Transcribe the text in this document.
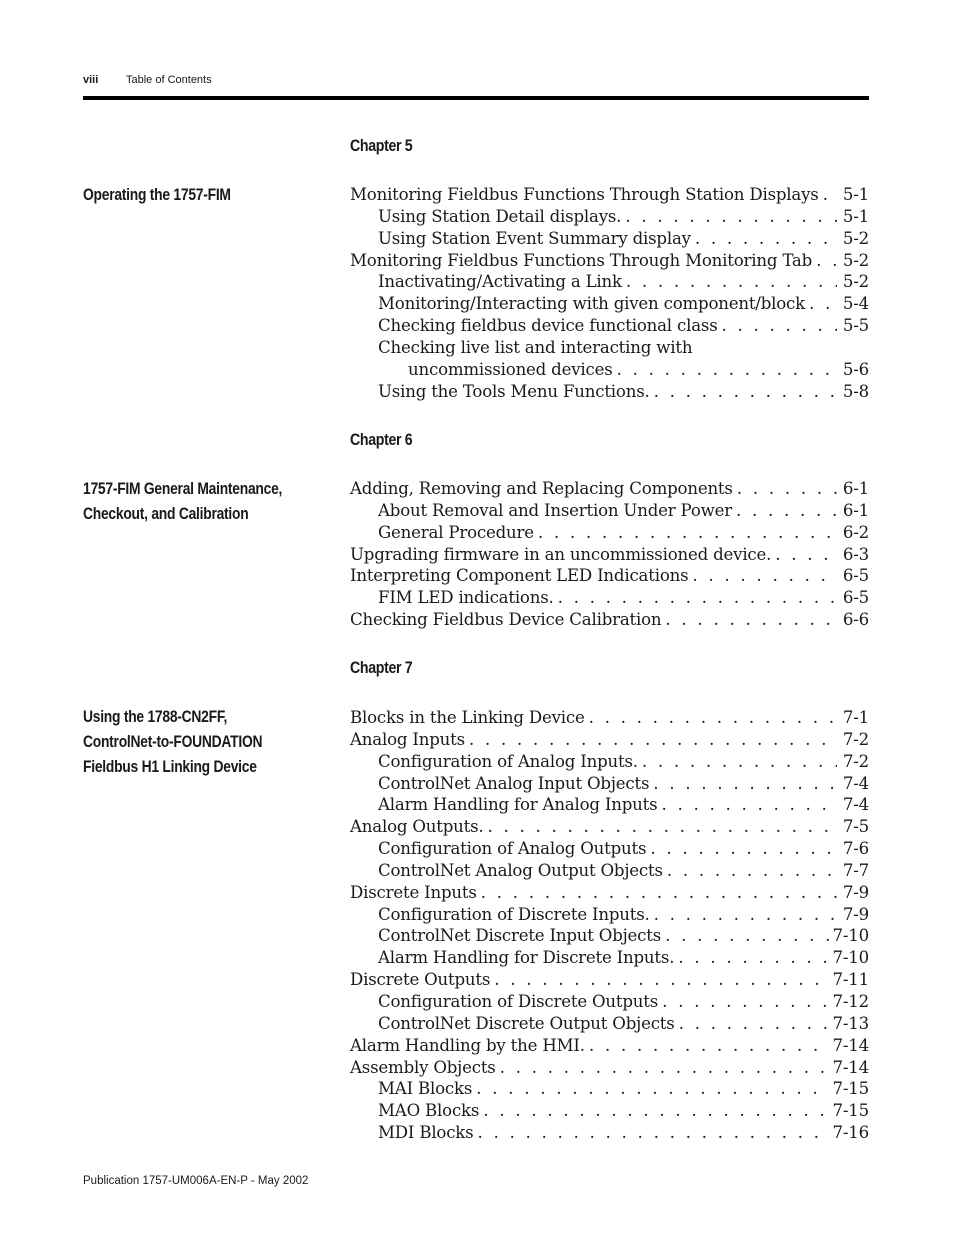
viii	Table of Contents
Chapter 5
Operating the 1757-FIM	Monitoring Fieldbus Functions Through Station Displays . . . 5-1
Using Station Detail displays. . . .	5-1
Using Station Event Summary display . . .	5-2
Monitoring Fieldbus Functions Through Monitoring Tab . . . 5-2
Inactivating/Activating a Link . . .	5-2
Monitoring/Interacting with given component/block . . . 5-4
Checking fieldbus device functional class . . .	5-5
Checking live list and interacting with
uncommissioned devices . . .	5-6
Using the Tools Menu Functions. . . .	5-8
Chapter 6
1757-FIM General Maintenance,
Checkout, and Calibration
Adding, Removing and Replacing Components . . .	6-1
About Removal and Insertion Under Power . . .	6-1
General Procedure . . .	6-2
Upgrading firmware in an uncommissioned device. . . .	6-3
Interpreting Component LED Indications . . .	6-5
FIM LED indications. . . .	6-5
Checking Fieldbus Device Calibration . . .	6-6
Chapter 7
Using the 1788-CN2FF,
ControlNet-to-FOUNDATION
Fieldbus H1 Linking Device
Blocks in the Linking Device . . .	7-1
Analog Inputs . . .	7-2
Configuration of Analog Inputs. . . .	7-2
ControlNet Analog Input Objects . . .	7-4
Alarm Handling for Analog Inputs . . .	7-4
Analog Outputs. . . .	7-5
Configuration of Analog Outputs . . .	7-6
ControlNet Analog Output Objects . . .	7-7
Discrete Inputs . . .	7-9
Configuration of Discrete Inputs. . . .	7-9
ControlNet Discrete Input Objects . . .	7-10
Alarm Handling for Discrete Inputs. . . .	7-10
Discrete Outputs . . .	7-11
Configuration of Discrete Outputs . . .	7-12
ControlNet Discrete Output Objects . . .	7-13
Alarm Handling by the HMI. . . .	7-14
Assembly Objects . . .	7-14
MAI Blocks . . .	7-15
MAO Blocks . . .	7-15
MDI Blocks . . .	7-16
Publication 1757-UM006A-EN-P - May 2002
